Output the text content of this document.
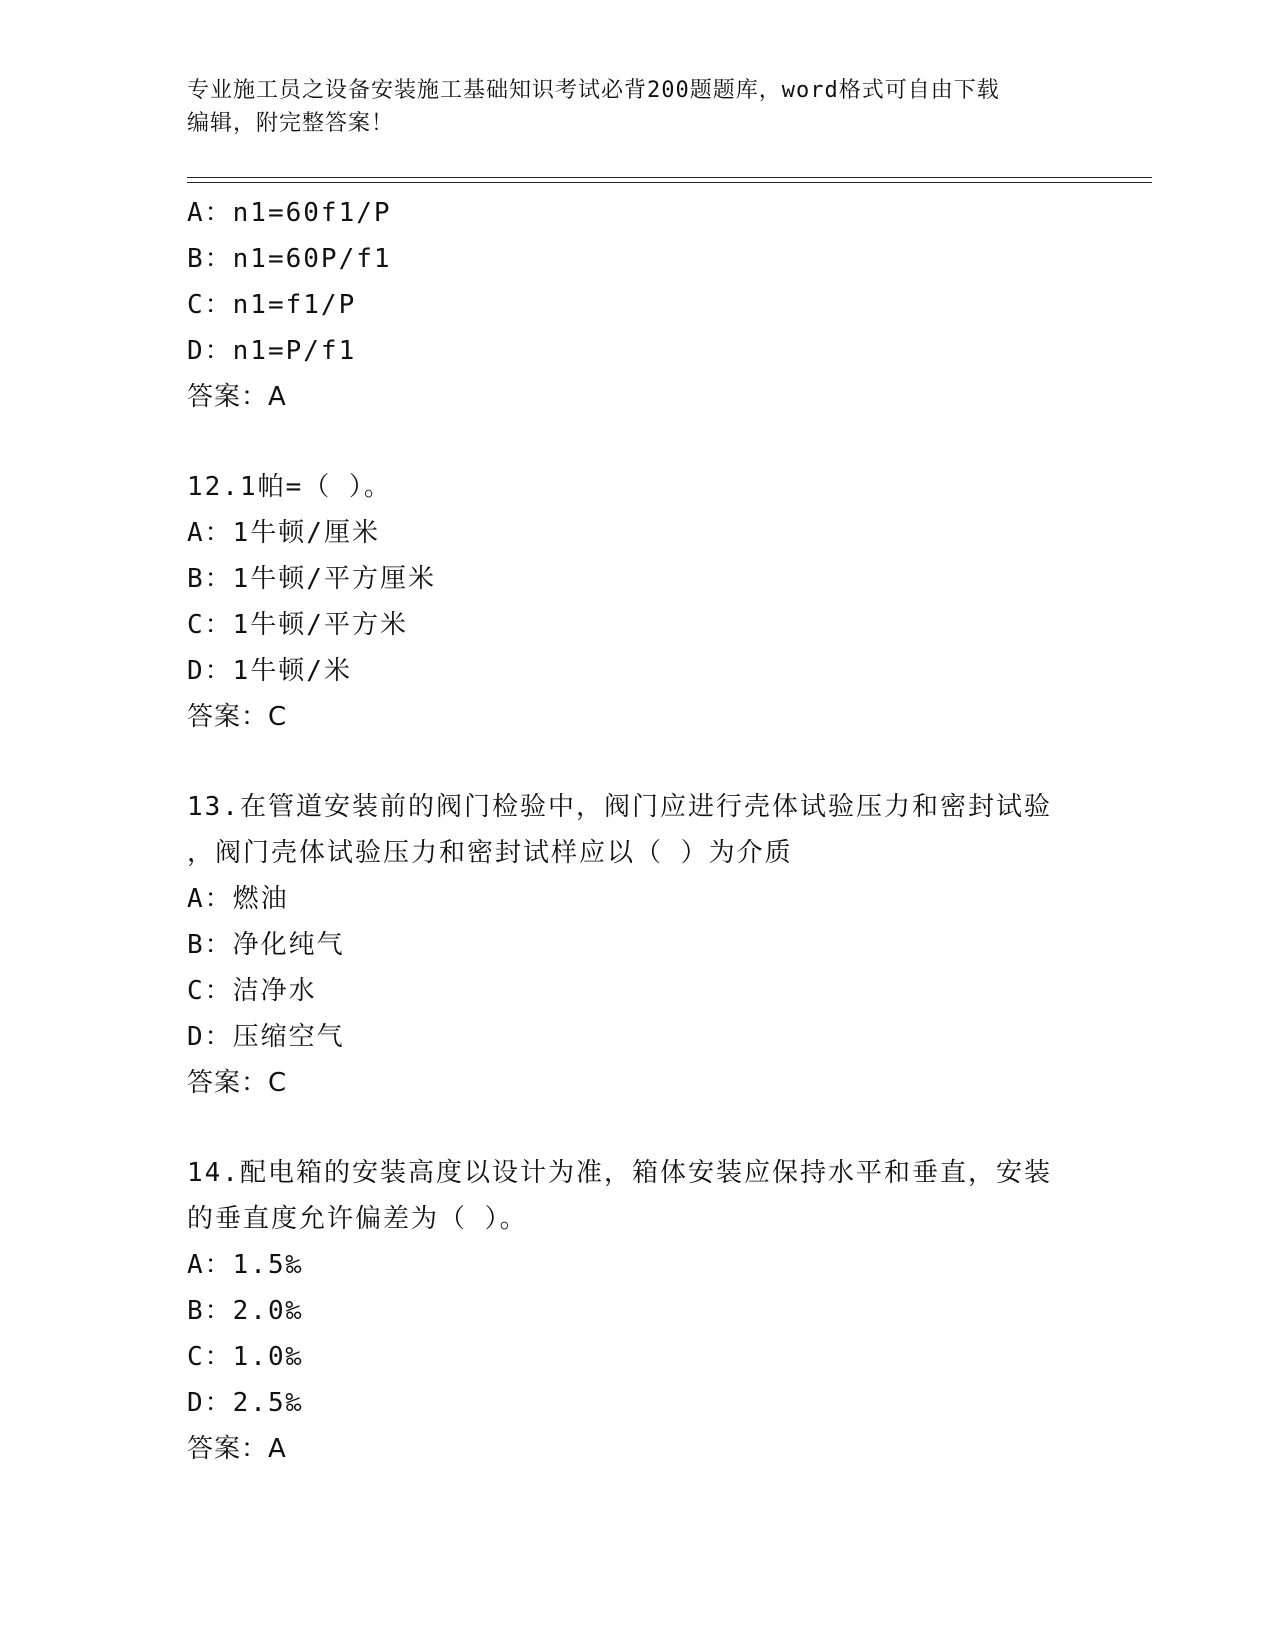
专业施工员之设备安装施工基础知识考试必背200题题库，word格式可自由下载
编辑，附完整答案！
A：n1=60f1/P
B：n1=60P/f1
C：n1=f1/P
D：n1=P/f1
答案：A
12.1帕=（ ）。
A：1牛顿/厘米
B：1牛顿/平方厘米
C：1牛顿/平方米
D：1牛顿/米
答案：C
13.在管道安装前的阀门检验中，阀门应进行壳体试验压力和密封试验
，阀门壳体试验压力和密封试样应以（ ）为介质
A：燃油
B：净化纯气
C：洁净水
D：压缩空气
答案：C
14.配电箱的安装高度以设计为准，箱体安装应保持水平和垂直，安装
的垂直度允许偏差为（ ）。
A：1.5‰
B：2.0‰
C：1.0‰
D：2.5‰
答案：A
